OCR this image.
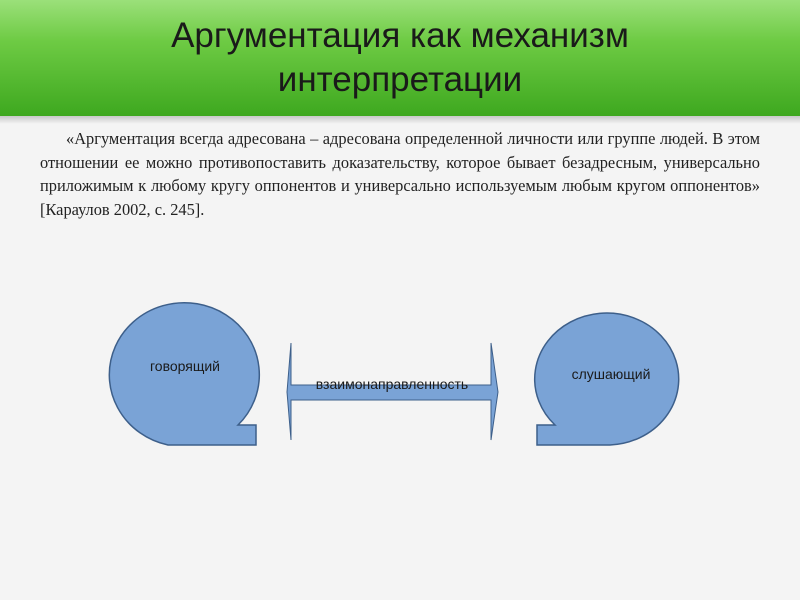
Аргументация как механизм
интерпретации
«Аргументация всегда адресована – адресована определенной личности или группе людей. В этом отношении ее можно противопоставить доказательству, которое бывает безадресным, универсально приложимым к любому кругу оппонентов и универсально используемым любым кругом оппонентов» [Караулов 2002, с. 245].
говорящий	слушающий
взаимонаправленность
